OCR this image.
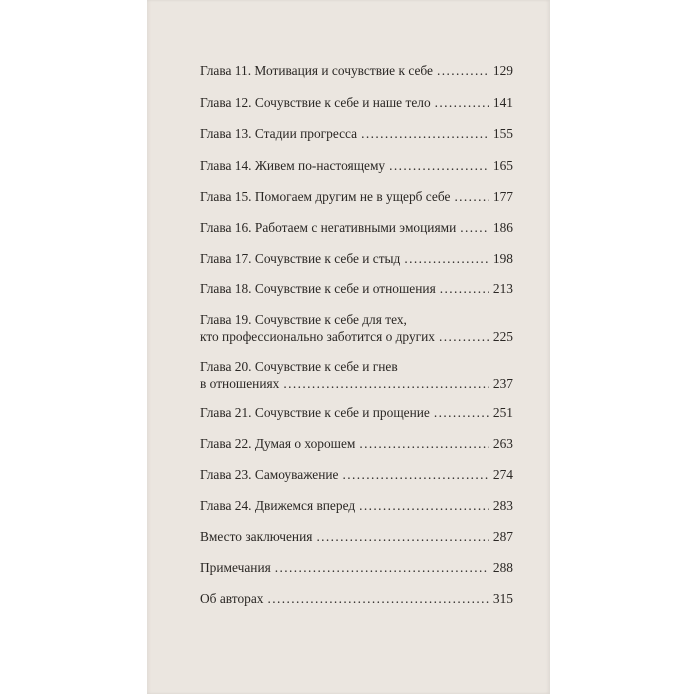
Глава 11. Мотивация и сочувствие к себе .....	129
Глава 12. Сочувствие к себе и наше тело .....	141
Глава 13. Стадии прогресса .....	155
Глава 14. Живем по-настоящему .....	165
Глава 15. Помогаем другим не в ущерб себе .....	177
Глава 16. Работаем с негативными эмоциями .....	186
Глава 17. Сочувствие к себе и стыд .....	198
Глава 18. Сочувствие к себе и отношения .....	213
Глава 19. Сочувствие к себе для тех,
кто профессионально заботится о других .....	225
Глава 20. Сочувствие к себе и гнев
в отношениях .....	237
Глава 21. Сочувствие к себе и прощение .....	251
Глава 22. Думая о хорошем .....	263
Глава 23. Самоуважение .....	274
Глава 24. Движемся вперед .....	283
Вместо заключения .....	287
Примечания .....	288
Об авторах .....	315
